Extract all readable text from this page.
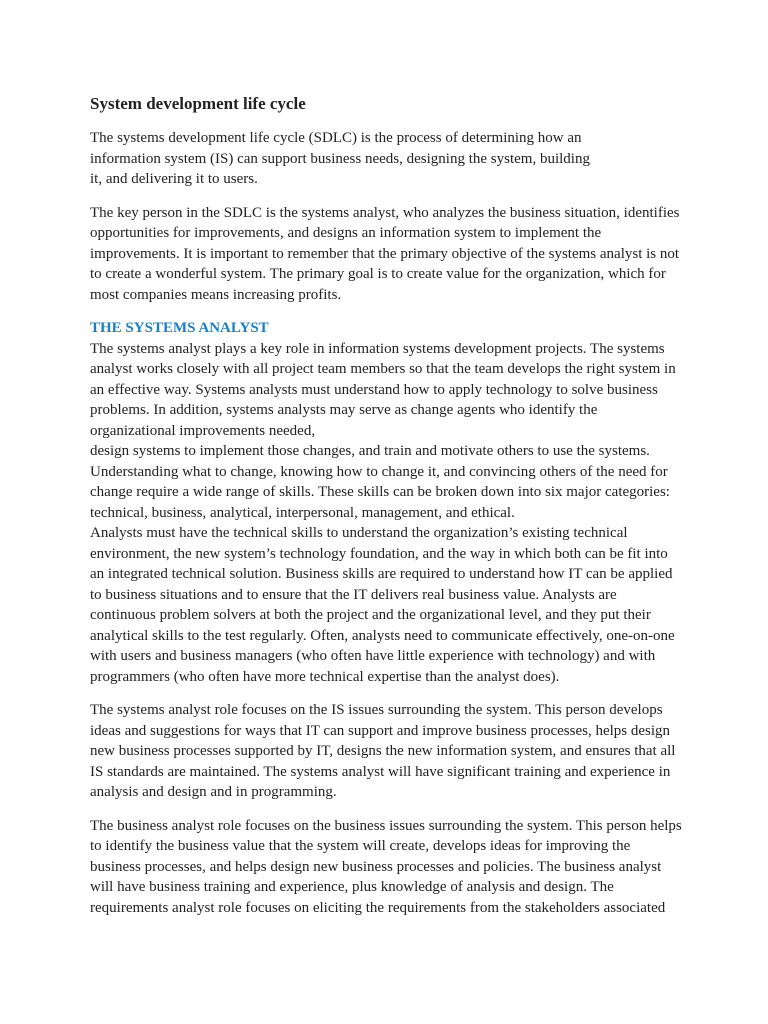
System development life cycle

The systems development life cycle (SDLC) is the process of determining how an information system (IS) can support business needs, designing the system, building it, and delivering it to users.

The key person in the SDLC is the systems analyst, who analyzes the business situation, identifies opportunities for improvements, and designs an information system to implement the improvements. It is important to remember that the primary objective of the systems analyst is not to create a wonderful system. The primary goal is to create value for the organization, which for most companies means increasing profits.

THE SYSTEMS ANALYST

The systems analyst plays a key role in information systems development projects. The systems analyst works closely with all project team members so that the team develops the right system in an effective way. Systems analysts must understand how to apply technology to solve business problems. In addition, systems analysts may serve as change agents who identify the organizational improvements needed,

design systems to implement those changes, and train and motivate others to use the systems. Understanding what to change, knowing how to change it, and convincing others of the need for change require a wide range of skills. These skills can be broken down into six major categories: technical, business, analytical, interpersonal, management, and ethical.

Analysts must have the technical skills to understand the organization’s existing technical environment, the new system’s technology foundation, and the way in which both can be fit into an integrated technical solution. Business skills are required to understand how IT can be applied to business situations and to ensure that the IT delivers real business value. Analysts are continuous problem solvers at both the project and the organizational level, and they put their analytical skills to the test regularly. Often, analysts need to communicate effectively, one-on-one with users and business managers (who often have little experience with technology) and with programmers (who often have more technical expertise than the analyst does).

The systems analyst role focuses on the IS issues surrounding the system. This person develops ideas and suggestions for ways that IT can support and improve business processes, helps design new business processes supported by IT, designs the new information system, and ensures that all IS standards are maintained. The systems analyst will have significant training and experience in analysis and design and in programming.

The business analyst role focuses on the business issues surrounding the system. This person helps to identify the business value that the system will create, develops ideas for improving the business processes, and helps design new business processes and policies. The business analyst will have business training and experience, plus knowledge of analysis and design. The requirements analyst role focuses on eliciting the requirements from the stakeholders associated
